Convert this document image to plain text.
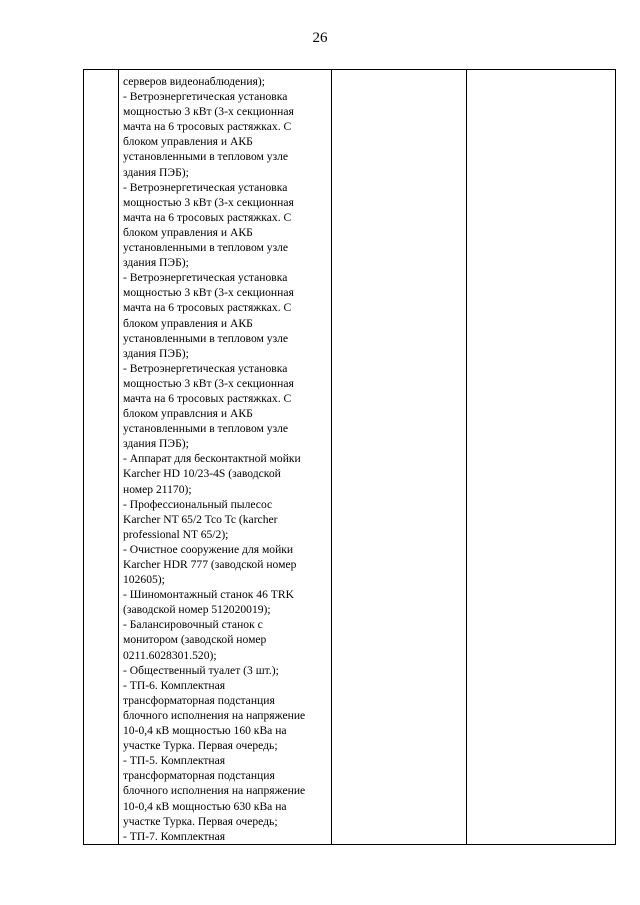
26

серверов видеонаблюдения);
- Ветроэнергетическая установка
мощностью 3 кВт (3-х секционная
мачта на 6 тросовых растяжках. С
блоком управления и АКБ
установленными в тепловом узле
здания ПЭБ);
- Ветроэнергетическая установка
мощностью 3 кВт (3-х секционная
мачта на 6 тросовых растяжках. С
блоком управления и АКБ
установленными в тепловом узле
здания ПЭБ);
- Ветроэнергетическая установка
мощностью 3 кВт (3-х секционная
мачта на 6 тросовых растяжках. С
блоком управления и АКБ
установленными в тепловом узле
здания ПЭБ);
- Ветроэнергетическая установка
мощностью 3 кВт (3-х секционная
мачта на 6 тросовых растяжках. С
блоком управлсния и АКБ
установленными в тепловом узле
здания ПЭБ);
- Аппарат для бесконтактной мойки
Karcher HD 10/23-4S (заводской
номер 21170);
- Профессиональный пылесос
Karcher NT 65/2 Tco Tc (karcher
professional NT 65/2);
- Очистное сооружение для мойки
Karcher HDR 777 (заводской номер
102605);
- Шиномонтажный станок 46 TRK
(заводской номер 512020019);
- Балансировочный станок с
монитором (заводской номер
0211.6028301.520);
- Общественный туалет (3 шт.);
- ТП-6. Комплектная
трансформаторная подстанция
блочного исполнения на напряжение
10-0,4 кВ мощностью 160 кВа на
участке Турка. Первая очередь;
- ТП-5. Комплектная
трансформаторная подстанция
блочного исполнения на напряжение
10-0,4 кВ мощностью 630 кВа на
участке Турка. Первая очередь;
- ТП-7. Комплектная
